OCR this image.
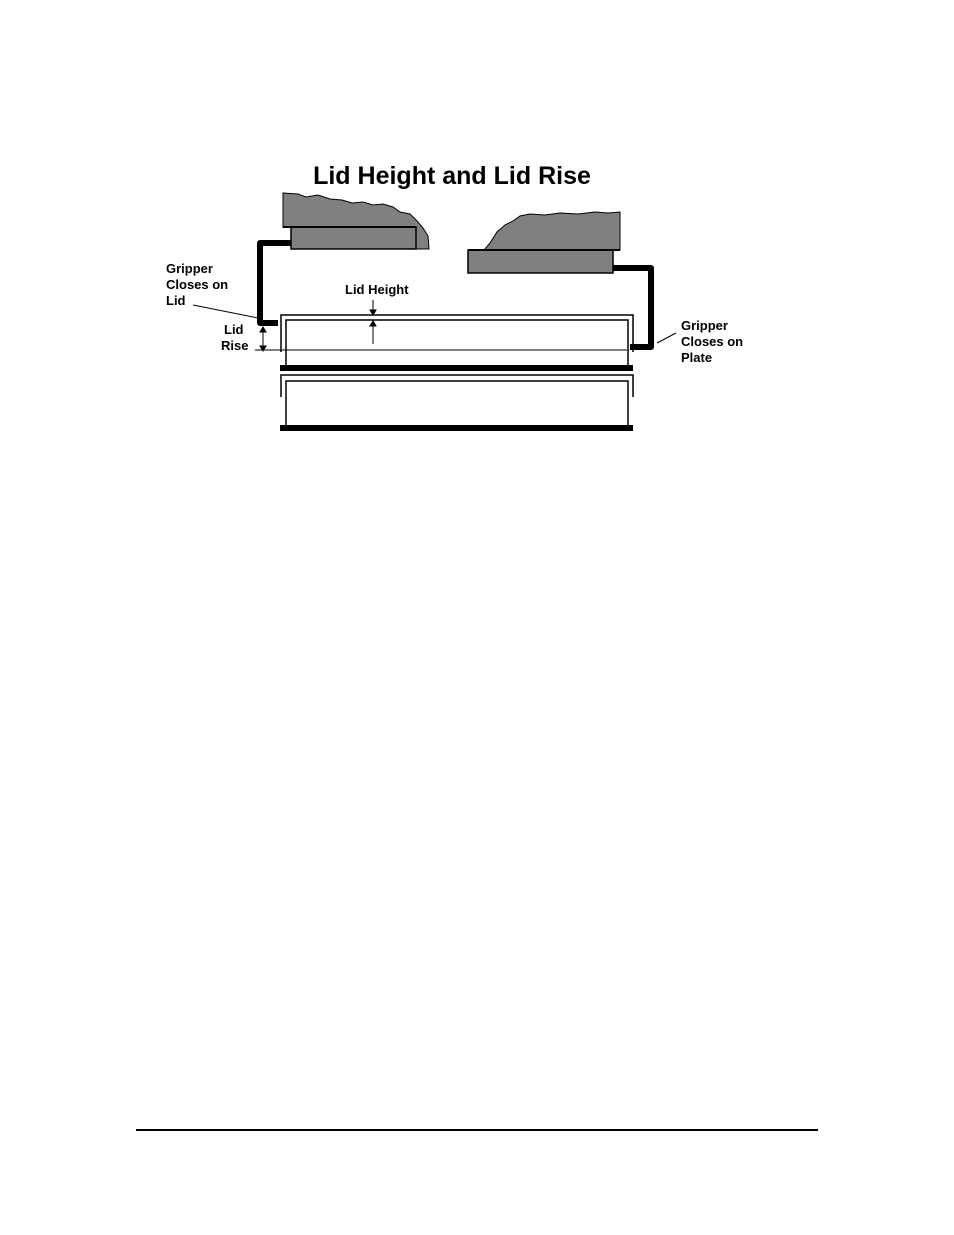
Lid Height and Lid Rise
Gripper Closes on Lid
Lid Height
Lid Rise
Gripper Closes on Plate
